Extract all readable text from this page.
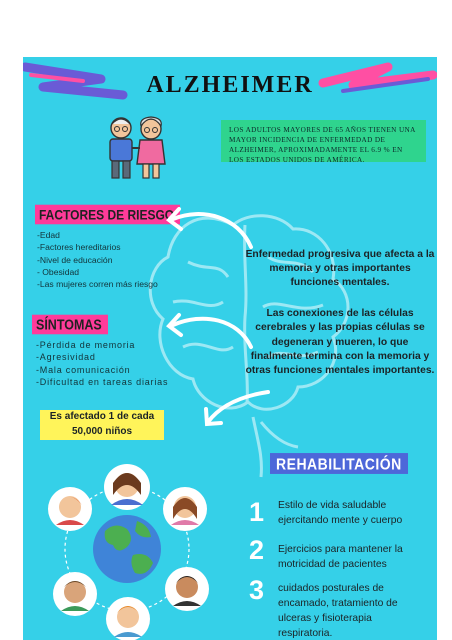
ALZHEIMER
LOS ADULTOS MAYORES DE 65 AÑOS TIENEN UNA MAYOR INCIDENCIA DE ENFERMEDAD DE ALZHEIMER, APROXIMADAMENTE EL 6.9 % EN LOS ESTADOS UNIDOS DE AMÉRICA.
FACTORES DE RIESGO
-Edad
-Factores hereditarios
-Nivel de educación
- Obesidad
-Las mujeres corren más riesgo
SÍNTOMAS
-Pérdida de memoria
-Agresividad
-Mala comunicación
-Dificultad en tareas diarias
Enfermedad progresiva que afecta a la memoria y otras importantes funciones mentales.
Las conexiones de las células cerebrales y las propias células se degeneran y mueren, lo que finalmente termina con la memoria y otras funciones mentales importantes.
Es afectado 1 de cada 50,000 niños
REHABILITACIÓN
1 Estilo de vida saludable ejercitando mente y cuerpo
2 Ejercicios para mantener la motricidad de pacientes
3 cuidados posturales de encamado, tratamiento de ulceras y fisioterapia respiratoria.
